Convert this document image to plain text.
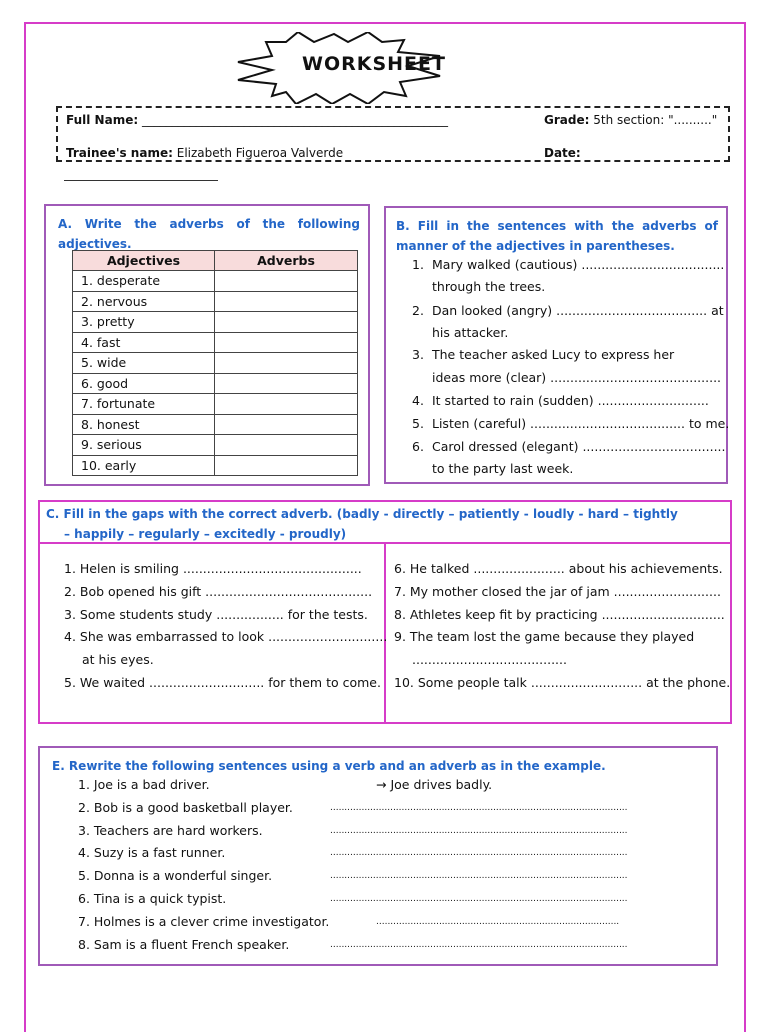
WORKSHEET
Full Name: ___________________________________________________	Grade: 5th section: ".........."
Trainee's name: Elizabeth Figueroa Valverde	Date:
A. Write the adverbs of the following adjectives.
Adjectives	Adverbs
1. desperate	
2. nervous	
3. pretty	
4. fast	
5. wide	
6. good	
7. fortunate	
8. honest	
9. serious	
10. early	
B. Fill in the sentences with the adverbs of manner of the adjectives in parentheses.
1. Mary walked (cautious) ....................................
through the trees.
2. Dan looked (angry) ...................................... at
his attacker.
3. The teacher asked Lucy to express her
ideas more (clear) ...........................................
4. It started to rain (sudden) ............................
5. Listen (careful) ....................................... to me.
6. Carol dressed (elegant) ....................................
to the party last week.
C. Fill in the gaps with the correct adverb. (badly - directly – patiently - loudly - hard – tightly
– happily – regularly – excitedly - proudly)
1. Helen is smiling .............................................
2. Bob opened his gift ..........................................
3. Some students study ................. for the tests.
4. She was embarrassed to look ..............................
at his eyes.
5. We waited ............................. for them to come.
6. He talked ....................... about his achievements.
7. My mother closed the jar of jam ...........................
8. Athletes keep fit by practicing ...............................
9. The team lost the game because they played
.......................................
10. Some people talk ............................ at the phone.
E. Rewrite the following sentences using a verb and an adverb as in the example.
1. Joe is a bad driver.	→ Joe drives badly.
2. Bob is a good basketball player.	........................................................................................................
3. Teachers are hard workers.	........................................................................................................
4. Suzy is a fast runner.	........................................................................................................
5. Donna is a wonderful singer.	........................................................................................................
6. Tina is a quick typist.	........................................................................................................
7. Holmes is a clever crime investigator.	.....................................................................................
8. Sam is a fluent French speaker.	........................................................................................................
